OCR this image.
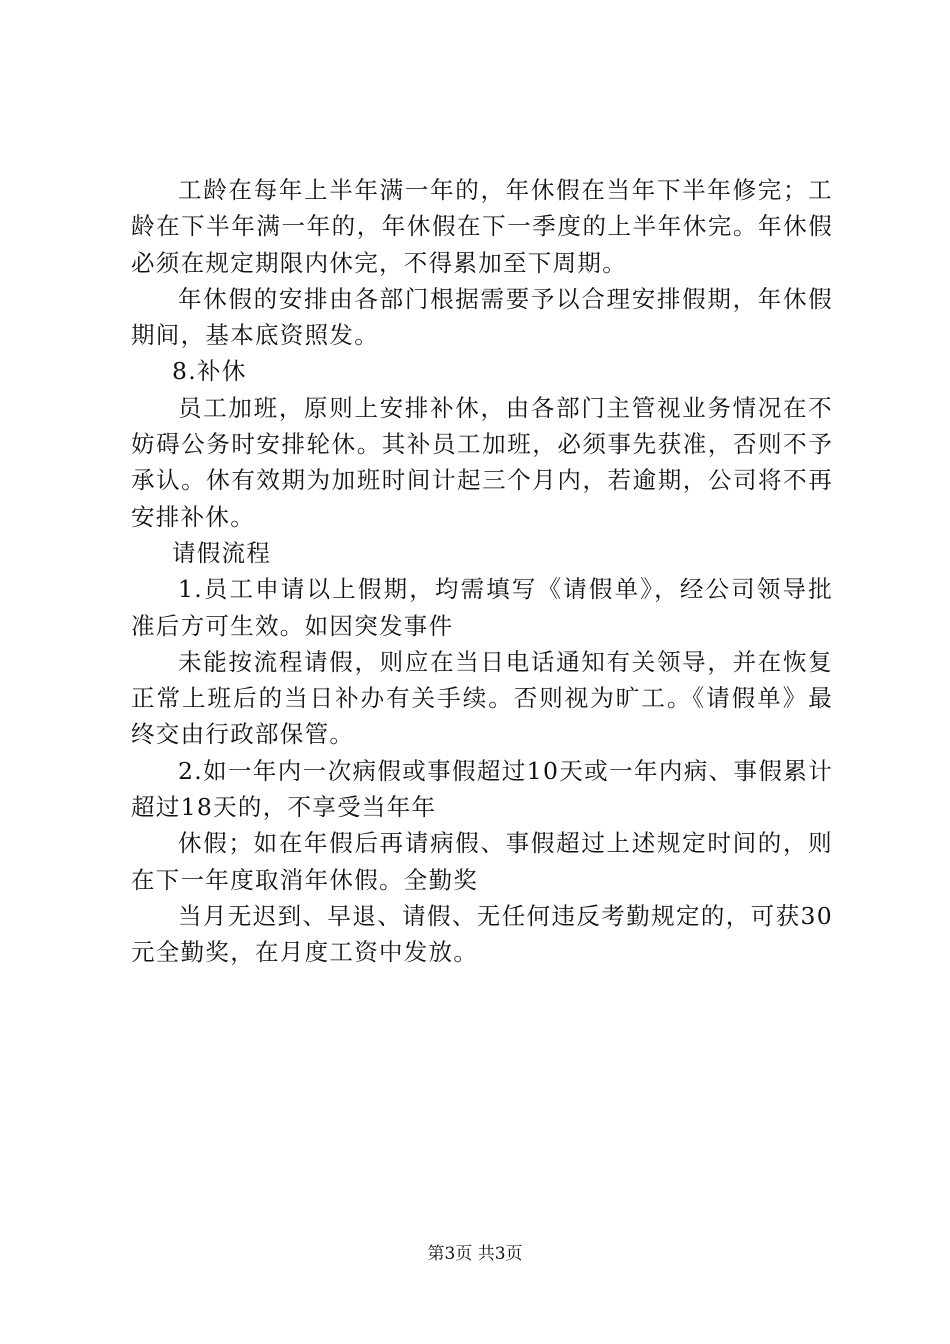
工龄在每年上半年满一年的，年休假在当年下半年修完；工龄在下半年满一年的，年休假在下一季度的上半年休完。年休假必须在规定期限内休完，不得累加至下周期。

年休假的安排由各部门根据需要予以合理安排假期，年休假期间，基本底资照发。

8.补休

员工加班，原则上安排补休，由各部门主管视业务情况在不妨碍公务时安排轮休。其补员工加班，必须事先获准，否则不予承认。休有效期为加班时间计起三个月内，若逾期，公司将不再安排补休。

请假流程

1.员工申请以上假期，均需填写《请假单》，经公司领导批准后方可生效。如因突发事件

未能按流程请假，则应在当日电话通知有关领导，并在恢复正常上班后的当日补办有关手续。否则视为旷工。《请假单》最终交由行政部保管。

2.如一年内一次病假或事假超过10天或一年内病、事假累计超过18天的，不享受当年年

休假；如在年假后再请病假、事假超过上述规定时间的，则在下一年度取消年休假。全勤奖

当月无迟到、早退、请假、无任何违反考勤规定的，可获30元全勤奖，在月度工资中发放。

第3页 共3页
